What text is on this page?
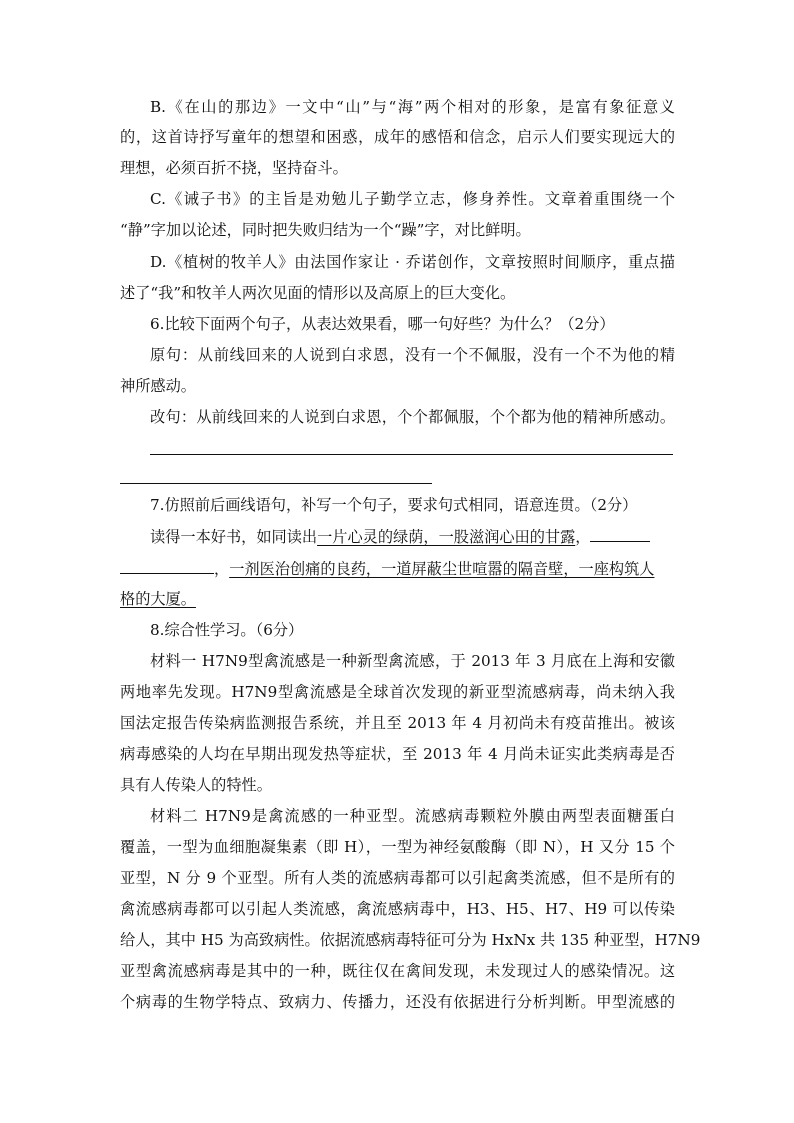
B.《在山的那边》一文中“山”与“海”两个相对的形象，是富有象征意义
的，这首诗抒写童年的想望和困惑，成年的感悟和信念，启示人们要实现远大的
理想，必须百折不挠，坚持奋斗。
C.《诫子书》的主旨是劝勉儿子勤学立志，修身养性。文章着重围绕一个
“静”字加以论述，同时把失败归结为一个“躁”字，对比鲜明。
D.《植树的牧羊人》由法国作家让 · 乔诺创作，文章按照时间顺序，重点描
述了“我”和牧羊人两次见面的情形以及高原上的巨大变化。
6.比较下面两个句子，从表达效果看，哪一句好些？为什么？（2分）
原句：从前线回来的人说到白求恩，没有一个不佩服，没有一个不为他的精
神所感动。
改句：从前线回来的人说到白求恩，个个都佩服，个个都为他的精神所感动。
7.仿照前后画线语句，补写一个句子，要求句式相同，语意连贯。（2分）
读得一本好书，如同读出一片心灵的绿荫，一股滋润心田的甘露，
，一剂医治创痛的良药，一道屏蔽尘世喧嚣的隔音壁，一座构筑人
格的大厦。
8.综合性学习。（6分）
材料一 H7N9型禽流感是一种新型禽流感，于 2013 年 3 月底在上海和安徽
两地率先发现。H7N9型禽流感是全球首次发现的新亚型流感病毒，尚未纳入我
国法定报告传染病监测报告系统，并且至 2013 年 4 月初尚未有疫苗推出。被该
病毒感染的人均在早期出现发热等症状，至 2013 年 4 月尚未证实此类病毒是否
具有人传染人的特性。
材料二 H7N9是禽流感的一种亚型。流感病毒颗粒外膜由两型表面糖蛋白
覆盖，一型为血细胞凝集素（即 H），一型为神经氨酸酶（即 N），H 又分 15 个
亚型，N 分 9 个亚型。所有人类的流感病毒都可以引起禽类流感，但不是所有的
禽流感病毒都可以引起人类流感，禽流感病毒中，H3、H5、H7、H9 可以传染
给人，其中 H5 为高致病性。依据流感病毒特征可分为 HxNx 共 135 种亚型，H7N9
亚型禽流感病毒是其中的一种，既往仅在禽间发现，未发现过人的感染情况。这
个病毒的生物学特点、致病力、传播力，还没有依据进行分析判断。甲型流感的
